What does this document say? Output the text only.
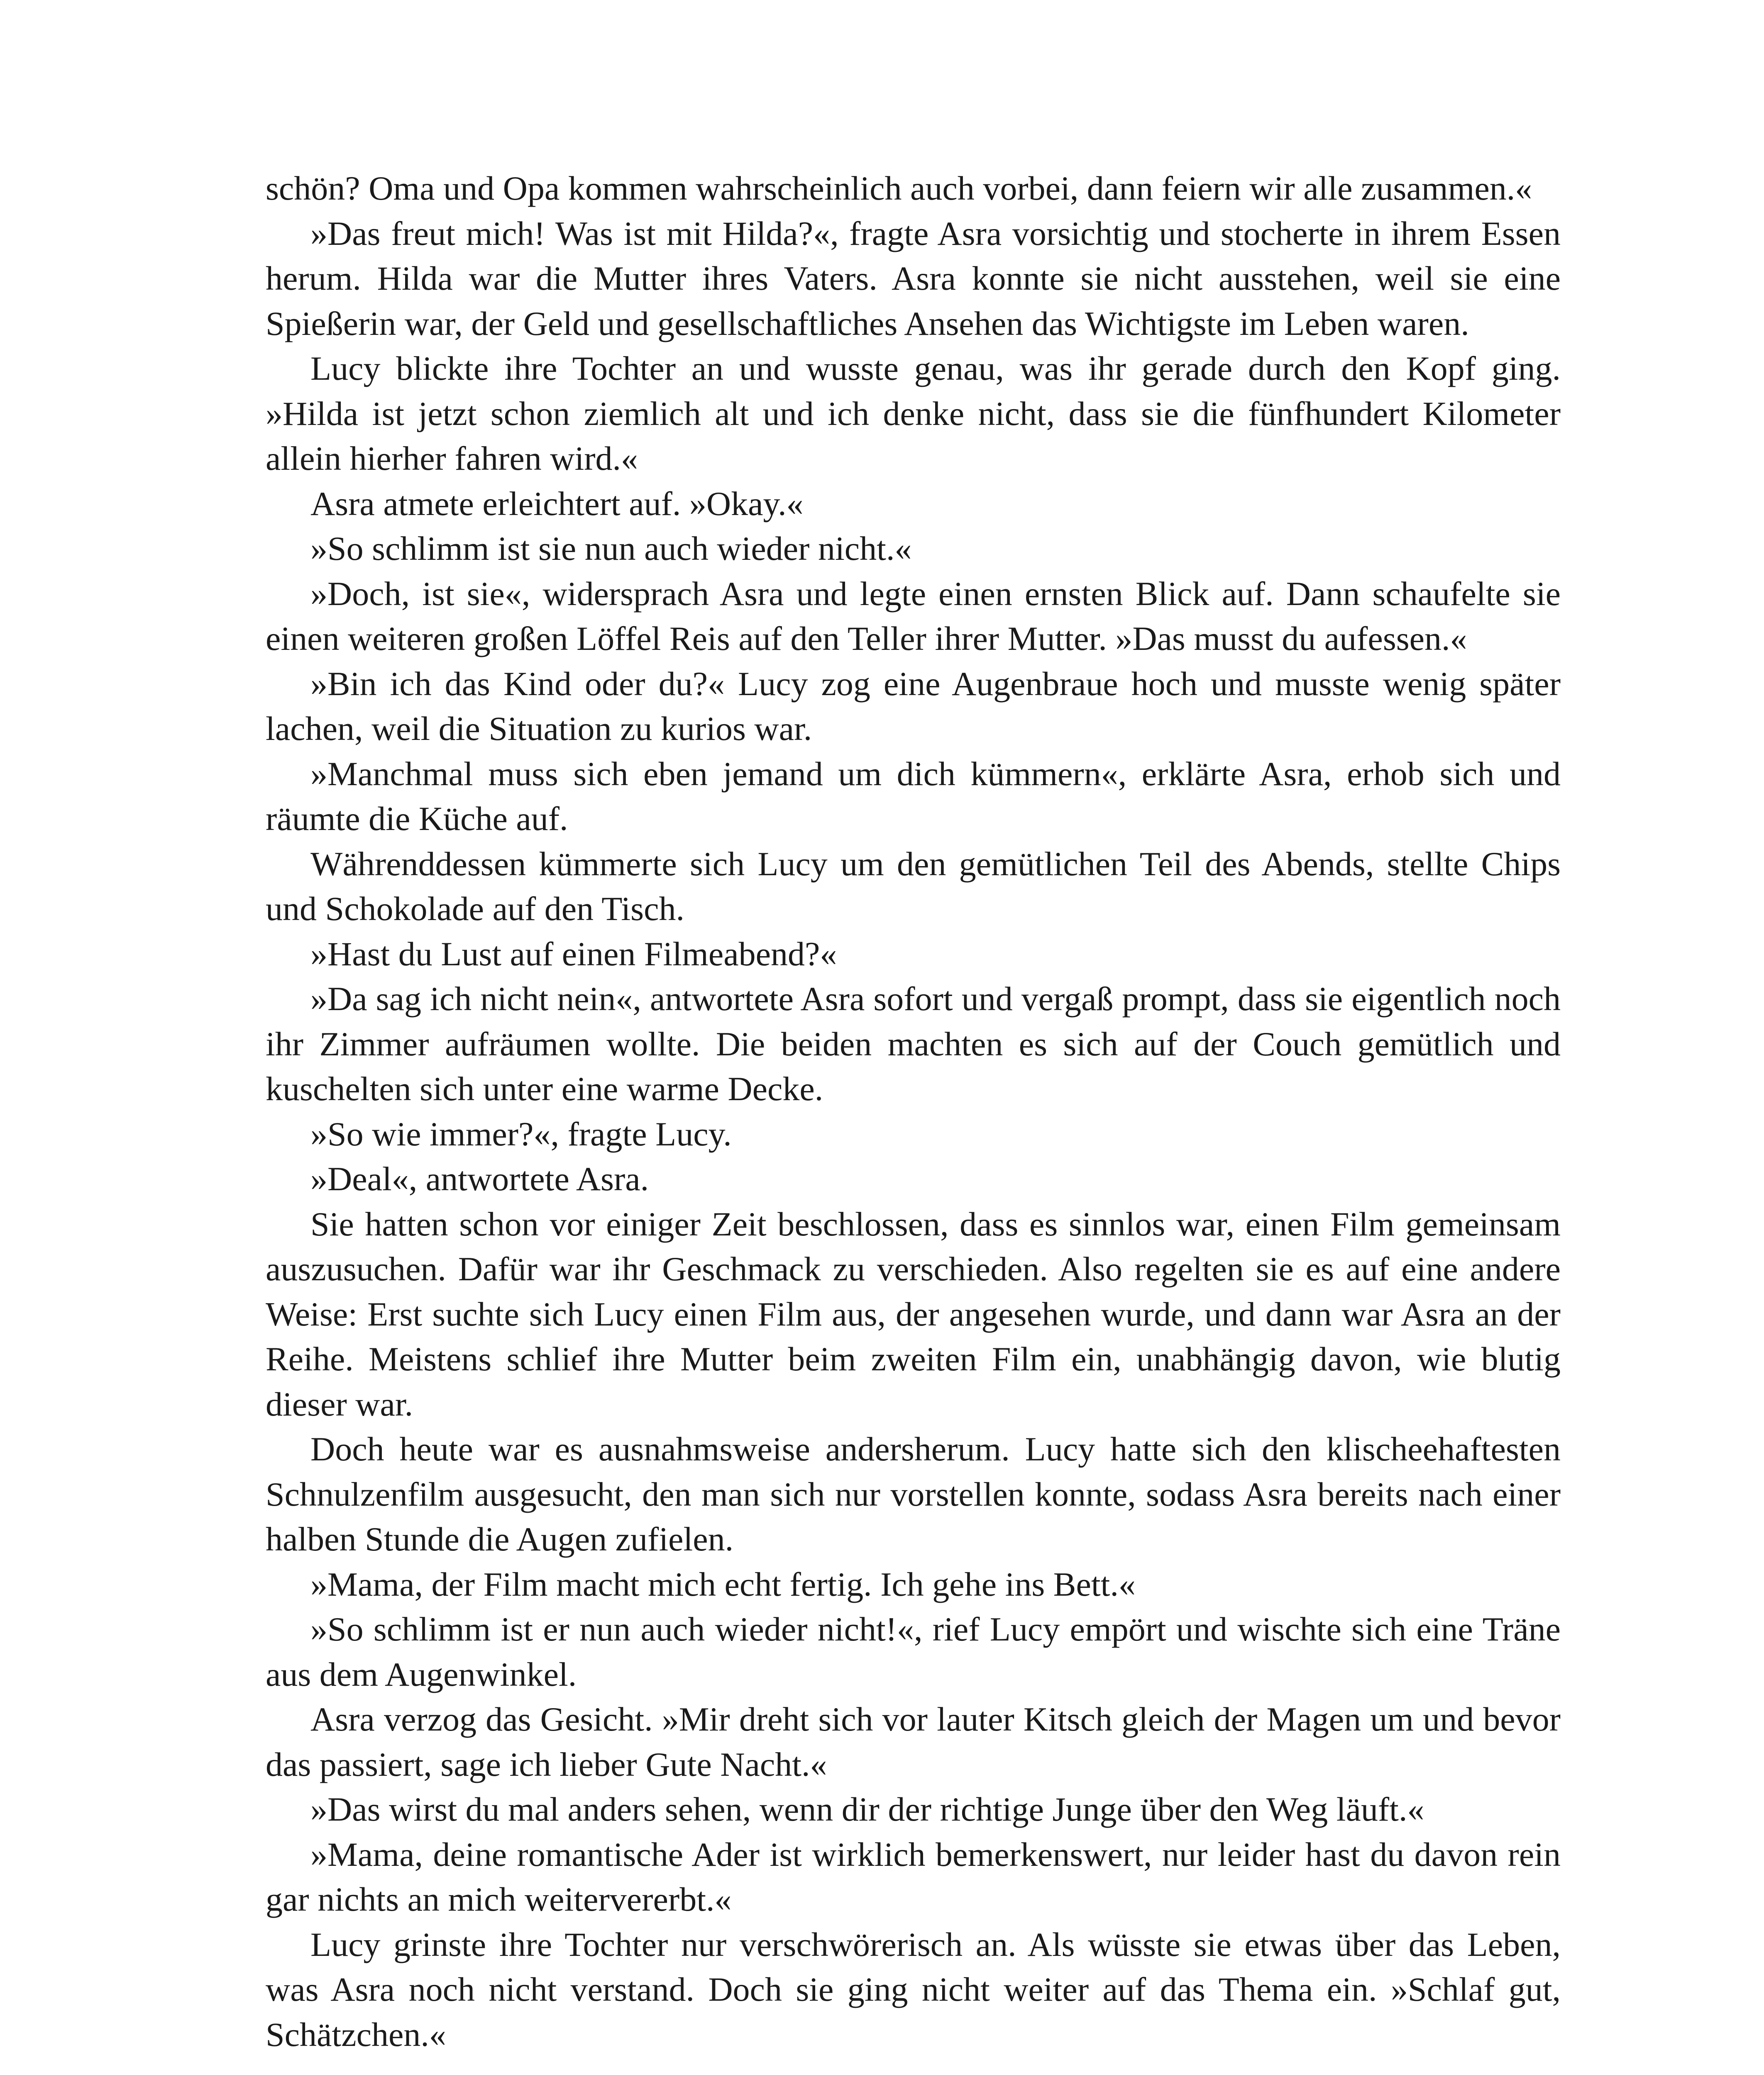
schön? Oma und Opa kommen wahrscheinlich auch vorbei, dann feiern wir alle zusammen.«

»Das freut mich! Was ist mit Hilda?«, fragte Asra vorsichtig und stocherte in ihrem Essen herum. Hilda war die Mutter ihres Vaters. Asra konnte sie nicht ausstehen, weil sie eine Spießerin war, der Geld und gesellschaftliches Ansehen das Wichtigste im Leben waren.

Lucy blickte ihre Tochter an und wusste genau, was ihr gerade durch den Kopf ging. »Hilda ist jetzt schon ziemlich alt und ich denke nicht, dass sie die fünfhundert Kilometer allein hierher fahren wird.«

Asra atmete erleichtert auf. »Okay.«

»So schlimm ist sie nun auch wieder nicht.«

»Doch, ist sie«, widersprach Asra und legte einen ernsten Blick auf. Dann schaufelte sie einen weiteren großen Löffel Reis auf den Teller ihrer Mutter. »Das musst du aufessen.«

»Bin ich das Kind oder du?« Lucy zog eine Augenbraue hoch und musste wenig später lachen, weil die Situation zu kurios war.

»Manchmal muss sich eben jemand um dich kümmern«, erklärte Asra, erhob sich und räumte die Küche auf.

Währenddessen kümmerte sich Lucy um den gemütlichen Teil des Abends, stellte Chips und Schokolade auf den Tisch.

»Hast du Lust auf einen Filmeabend?«

»Da sag ich nicht nein«, antwortete Asra sofort und vergaß prompt, dass sie eigentlich noch ihr Zimmer aufräumen wollte. Die beiden machten es sich auf der Couch gemütlich und kuschelten sich unter eine warme Decke.

»So wie immer?«, fragte Lucy.

»Deal«, antwortete Asra.

Sie hatten schon vor einiger Zeit beschlossen, dass es sinnlos war, einen Film gemeinsam auszusuchen. Dafür war ihr Geschmack zu verschieden. Also regelten sie es auf eine andere Weise: Erst suchte sich Lucy einen Film aus, der angesehen wurde, und dann war Asra an der Reihe. Meistens schlief ihre Mutter beim zweiten Film ein, unabhängig davon, wie blutig dieser war.

Doch heute war es ausnahmsweise andersherum. Lucy hatte sich den klischeehaftesten Schnulzenfilm ausgesucht, den man sich nur vorstellen konnte, sodass Asra bereits nach einer halben Stunde die Augen zufielen.

»Mama, der Film macht mich echt fertig. Ich gehe ins Bett.«

»So schlimm ist er nun auch wieder nicht!«, rief Lucy empört und wischte sich eine Träne aus dem Augenwinkel.

Asra verzog das Gesicht. »Mir dreht sich vor lauter Kitsch gleich der Magen um und bevor das passiert, sage ich lieber Gute Nacht.«

»Das wirst du mal anders sehen, wenn dir der richtige Junge über den Weg läuft.«

»Mama, deine romantische Ader ist wirklich bemerkenswert, nur leider hast du davon rein gar nichts an mich weitervererbt.«

Lucy grinste ihre Tochter nur verschwörerisch an. Als wüsste sie etwas über das Leben, was Asra noch nicht verstand. Doch sie ging nicht weiter auf das Thema ein. »Schlaf gut, Schätzchen.«
